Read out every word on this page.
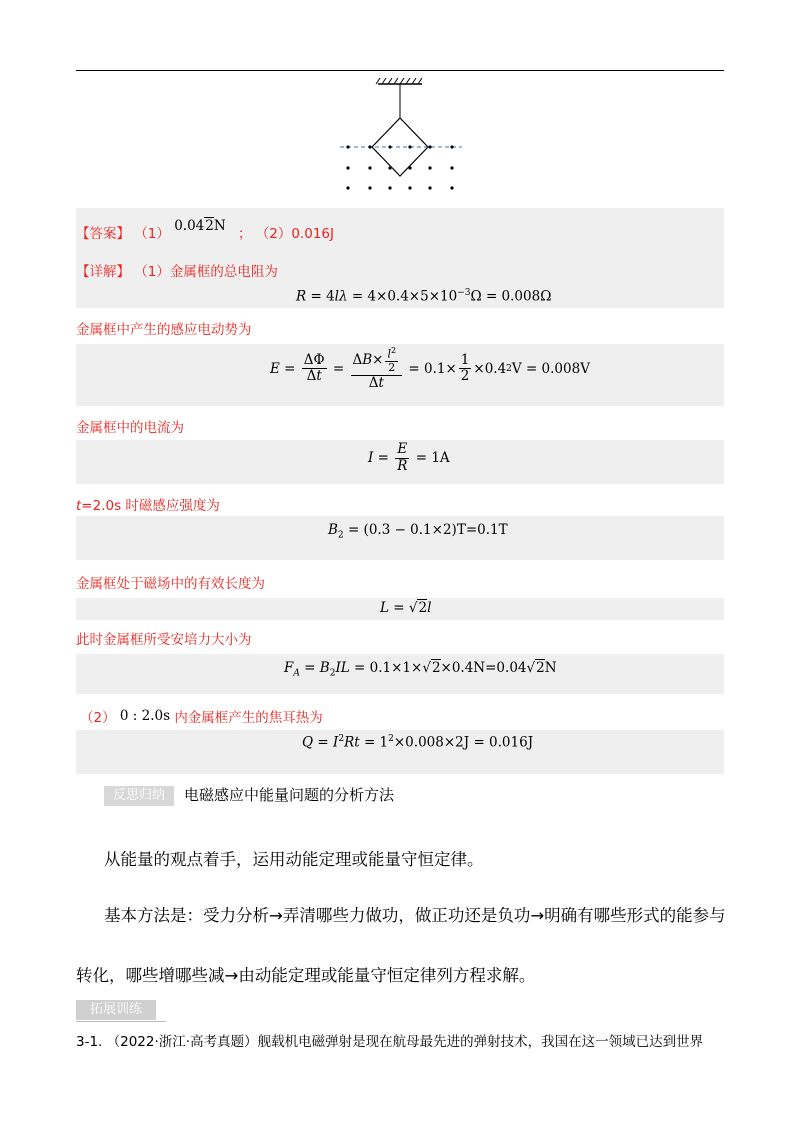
【答案】 （1） 0.042N ； （2）0.016J
【详解】 （1）金属框的总电阻为
$R = 4l\lambda = 4\times 0.4\times 5\times 10^{-3}\Omega = 0.008\Omega$
金属框中产生的感应电动势为
$E = \frac{\Delta\Phi}{\Delta t} = \frac{\Delta B\times \frac{l^2}{2}}{\Delta t} = 0.1\times \frac{1}{2} \times 0.4$ 2 V = 0.008V
金属框中的电流为
$I = \frac{E}{R} = 1A$
t=2.0s 时磁感应强度为
$B_2 = (0.3 - 0.1\times 2)T=0.1T$
金属框处于磁场中的有效长度为
L = √2l
此时金属框所受安培力大小为
$F_A = B_2IL = 0.1\times 1\times√2\times 0.4N=0.04√2N$
（2） 0 : 2.0s 内金属框产生的焦耳热为
$Q = I^2Rt = 1^2\times 0.008\times 2J = 0.016J$
反思归纳	电磁感应中能量问题的分析方法
从能量的观点着手，运用动能定理或能量守恒定律。
基本方法是：受力分析→弄清哪些力做功，做正功还是负功→明确有哪些形式的能参与
转化，哪些增哪些减→由动能定理或能量守恒定律列方程求解。
拓展训练
3-1. （2022·浙江·高考真题）舰载机电磁弹射是现在航母最先进的弹射技术，我国在这一领域已达到世界
